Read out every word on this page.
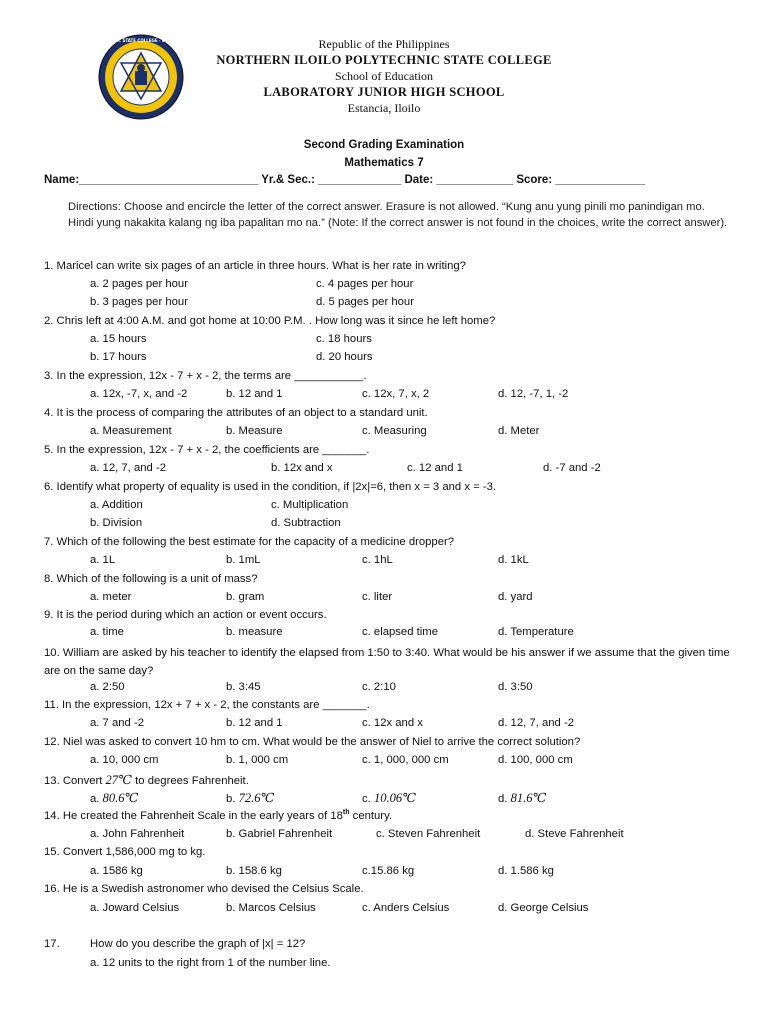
NORTHERN ILOILO POLYTECHNIC STATE COLLEGE · ESTANCIA, ILOILO · PHILIPPINES	Republic of the Philippines
NORTHERN ILOILO POLYTECHNIC STATE COLLEGE
School of Education
LABORATORY JUNIOR HIGH SCHOOL
Estancia, Iloilo
Second Grading Examination
Mathematics 7
Name:____________________________ Yr.& Sec.: _____________ Date: ____________ Score: ______________
Directions: Choose and encircle the letter of the correct answer. Erasure is not allowed. “Kung anu yung pinili mo panindigan mo. Hindi yung nakakita kalang ng iba papalitan mo na.” (Note: If the correct answer is not found in the choices, write the correct answer).
1. Maricel can write six pages of an article in three hours. What is her rate in writing?
a. 2 pages per hour	c. 4 pages per hour
b. 3 pages per hour	d. 5 pages per hour
2. Chris left at 4:00 A.M. and got home at 10:00 P.M. . How long was it since he left home?
a. 15 hours	c. 18 hours
b. 17 hours	d. 20 hours
3. In the expression, 12x - 7 + x - 2, the terms are ___________.
a. 12x, -7, x, and -2	b. 12 and 1	c. 12x, 7, x, 2	d. 12, -7, 1, -2
4. It is the process of comparing the attributes of an object to a standard unit.
a. Measurement	b. Measure	c. Measuring	d. Meter
5. In the expression, 12x - 7 + x - 2, the coefficients are _______.
a. 12, 7, and -2	b. 12x and x	c. 12 and 1	d. -7 and -2
6. Identify what property of equality is used in the condition, if |2x|=6, then x = 3 and x = -3.
a. Addition	c. Multiplication
b. Division	d. Subtraction
7. Which of the following the best estimate for the capacity of a medicine dropper?
a. 1L	b. 1mL	c. 1hL	d. 1kL
8. Which of the following is a unit of mass?
a. meter	b. gram	c. liter	d. yard
9. It is the period during which an action or event occurs.
a. time	b. measure	c. elapsed time	d. Temperature
10. William are asked by his teacher to identify the elapsed from 1:50 to 3:40. What would be his answer if we assume that the given time are on the same day?
a. 2:50	b. 3:45	c. 2:10	d. 3:50
11. In the expression, 12x + 7 + x - 2, the constants are _______.
a. 7 and -2	b. 12 and 1	c. 12x and x	d. 12, 7, and -2
12. Niel was asked to convert 10 hm to cm. What would be the answer of Niel to arrive the correct solution?
a. 10, 000 cm	b. 1, 000 cm	c. 1, 000, 000 cm	d. 100, 000 cm
13. Convert 27℃ to degrees Fahrenheit.
a. 80.6℃	b. 72.6℃	c. 10.06℃	d. 81.6℃
14. He created the Fahrenheit Scale in the early years of 18th century.
a. John Fahrenheit	b. Gabriel Fahrenheit	c. Steven Fahrenheit	d. Steve Fahrenheit
15. Convert 1,586,000 mg to kg.
a. 1586 kg	b. 158.6 kg	c.15.86 kg	d. 1.586 kg
16. He is a Swedish astronomer who devised the Celsius Scale.
a. Joward Celsius	b. Marcos Celsius	c. Anders Celsius	d. George Celsius
17.	How do you describe the graph of |x| = 12?
a. 12 units to the right from 1 of the number line.
